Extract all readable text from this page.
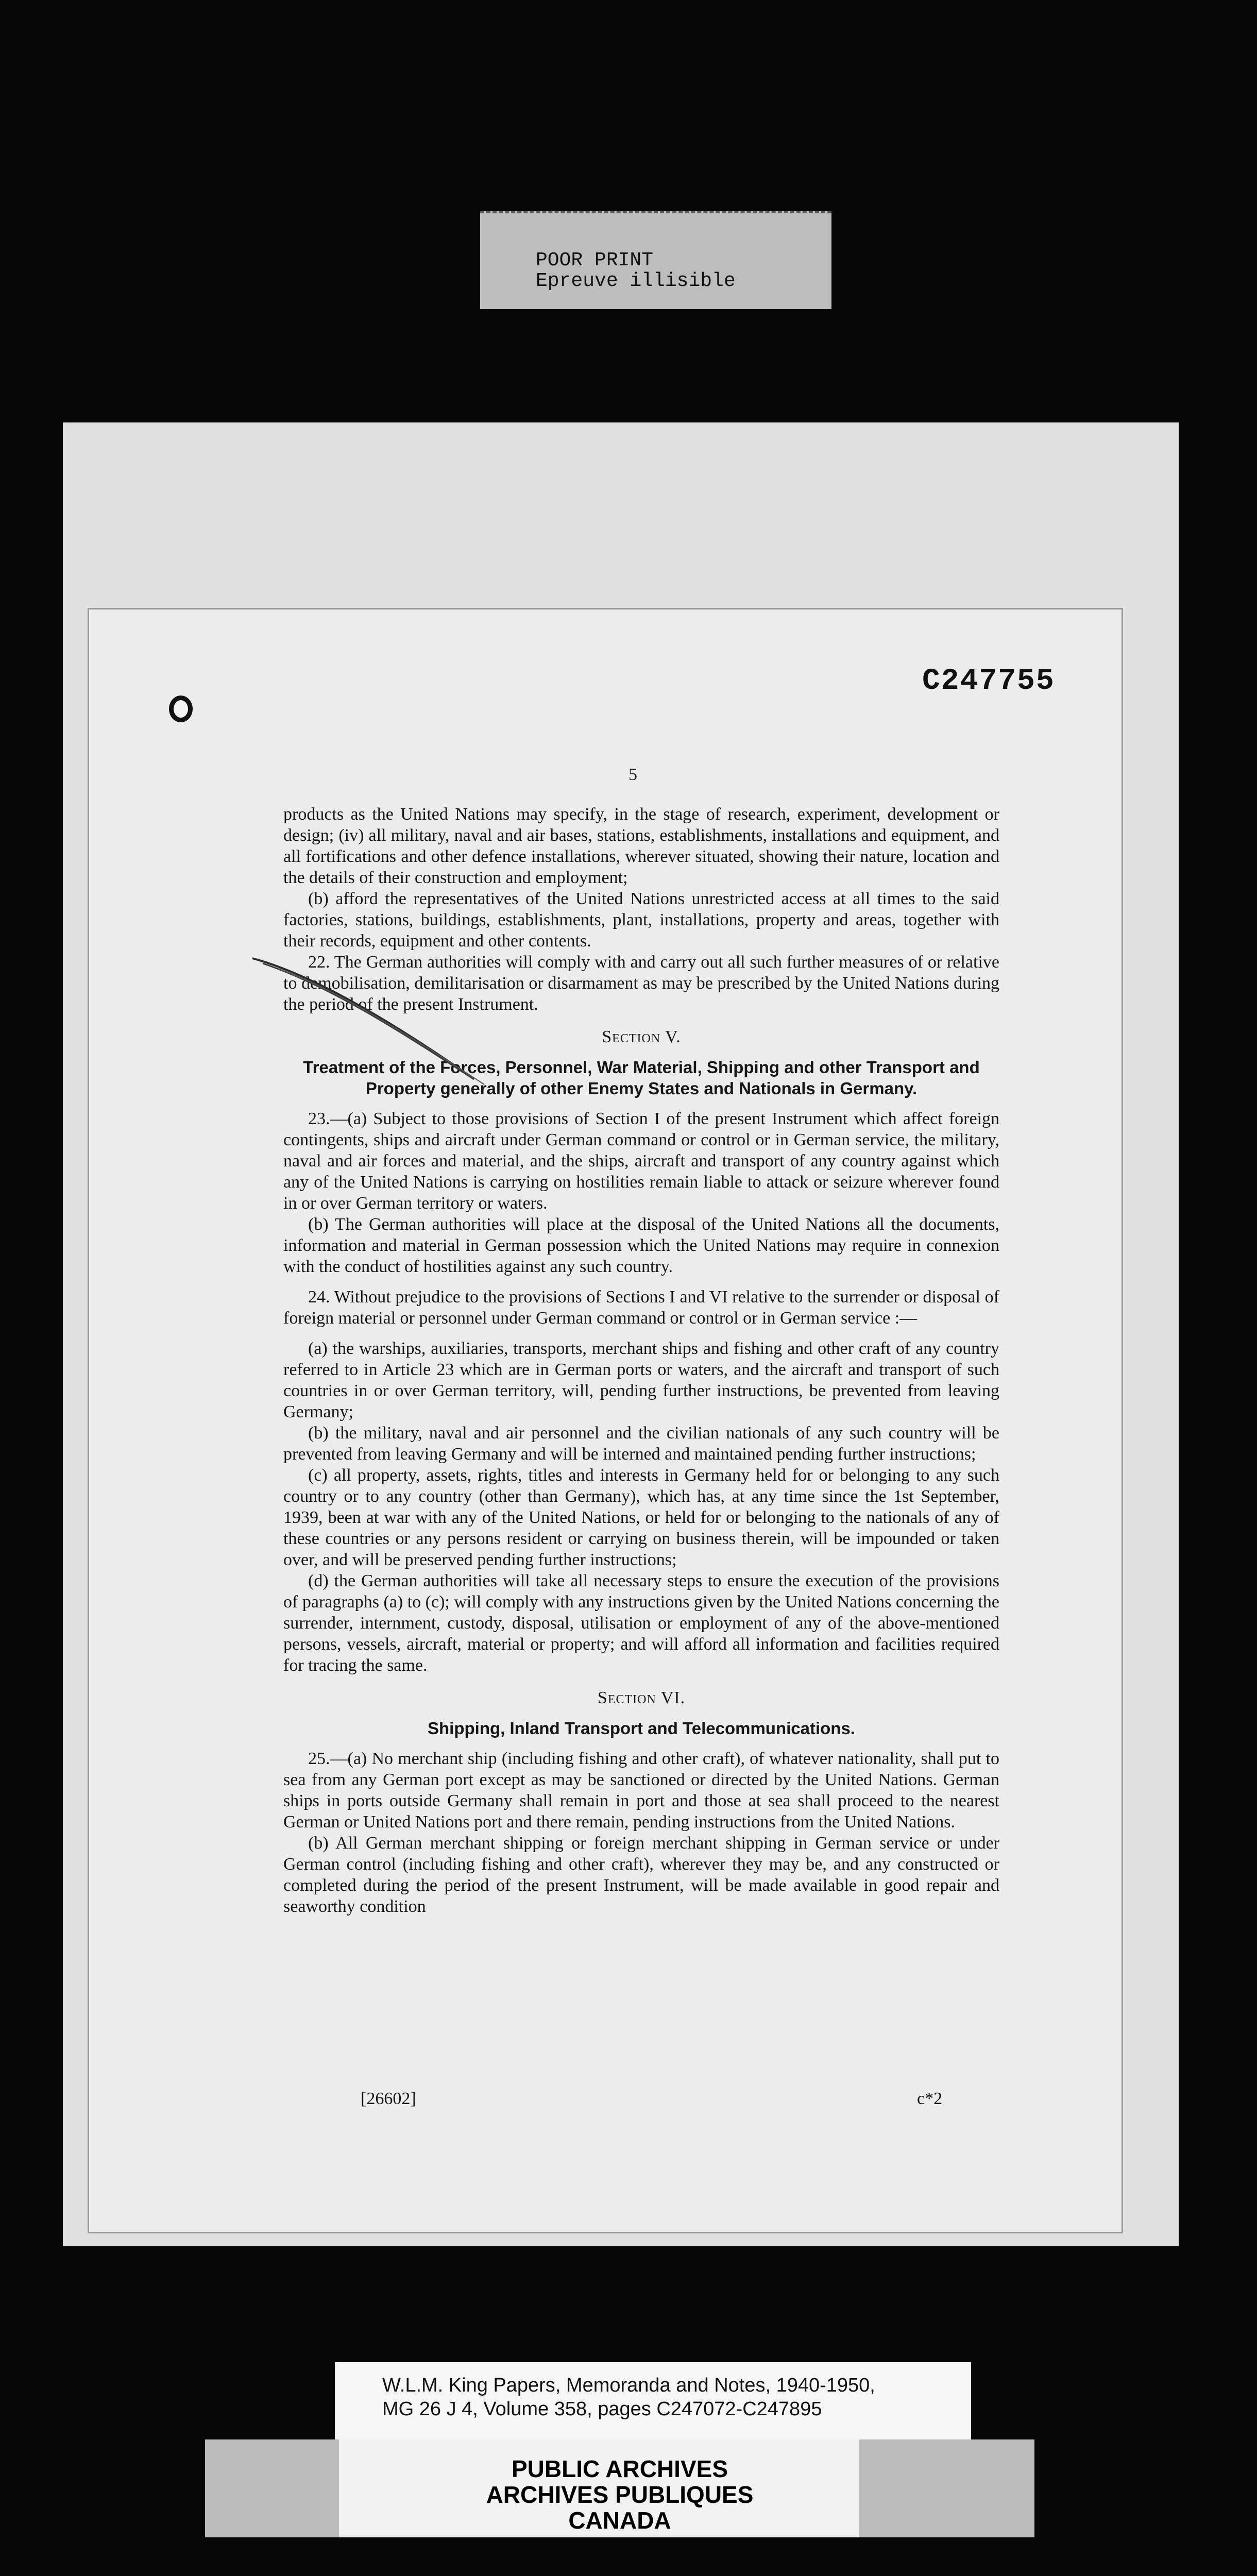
POOR PRINT
Epreuve illisible
C247755
5

products as the United Nations may specify, in the stage of research, experiment, development or design; (iv) all military, naval and air bases, stations, establishments, installations and equipment, and all fortifications and other defence installations, wherever situated, showing their nature, location and the details of their construction and employment;

(b) afford the representatives of the United Nations unrestricted access at all times to the said factories, stations, buildings, establishments, plant, installations, property and areas, together with their records, equipment and other contents.

22. The German authorities will comply with and carry out all such further measures of or relative to demobilisation, demilitarisation or disarmament as may be prescribed by the United Nations during the period of the present Instrument.

Section V.

Treatment of the Forces, Personnel, War Material, Shipping and other Transport and Property generally of other Enemy States and Nationals in Germany.

23.—(a) Subject to those provisions of Section I of the present Instrument which affect foreign contingents, ships and aircraft under German command or control or in German service, the military, naval and air forces and material, and the ships, aircraft and transport of any country against which any of the United Nations is carrying on hostilities remain liable to attack or seizure wherever found in or over German territory or waters.

(b) The German authorities will place at the disposal of the United Nations all the documents, information and material in German possession which the United Nations may require in connexion with the conduct of hostilities against any such country.

24. Without prejudice to the provisions of Sections I and VI relative to the surrender or disposal of foreign material or personnel under German command or control or in German service :—

(a) the warships, auxiliaries, transports, merchant ships and fishing and other craft of any country referred to in Article 23 which are in German ports or waters, and the aircraft and transport of such countries in or over German territory, will, pending further instructions, be prevented from leaving Germany;

(b) the military, naval and air personnel and the civilian nationals of any such country will be prevented from leaving Germany and will be interned and maintained pending further instructions;

(c) all property, assets, rights, titles and interests in Germany held for or belonging to any such country or to any country (other than Germany), which has, at any time since the 1st September, 1939, been at war with any of the United Nations, or held for or belonging to the nationals of any of these countries or any persons resident or carrying on business therein, will be impounded or taken over, and will be preserved pending further instructions;

(d) the German authorities will take all necessary steps to ensure the execution of the provisions of paragraphs (a) to (c); will comply with any instructions given by the United Nations concerning the surrender, internment, custody, disposal, utilisation or employment of any of the above-mentioned persons, vessels, aircraft, material or property; and will afford all information and facilities required for tracing the same.

Section VI.

Shipping, Inland Transport and Telecommunications.

25.—(a) No merchant ship (including fishing and other craft), of whatever nationality, shall put to sea from any German port except as may be sanctioned or directed by the United Nations. German ships in ports outside Germany shall remain in port and those at sea shall proceed to the nearest German or United Nations port and there remain, pending instructions from the United Nations.

(b) All German merchant shipping or foreign merchant shipping in German service or under German control (including fishing and other craft), wherever they may be, and any constructed or completed during the period of the present Instrument, will be made available in good repair and seaworthy condition

[26602]	c*2
W.L.M. King Papers, Memoranda and Notes, 1940-1950,
MG 26 J 4, Volume 358, pages C247072-C247895
PUBLIC ARCHIVES
ARCHIVES PUBLIQUES
CANADA
